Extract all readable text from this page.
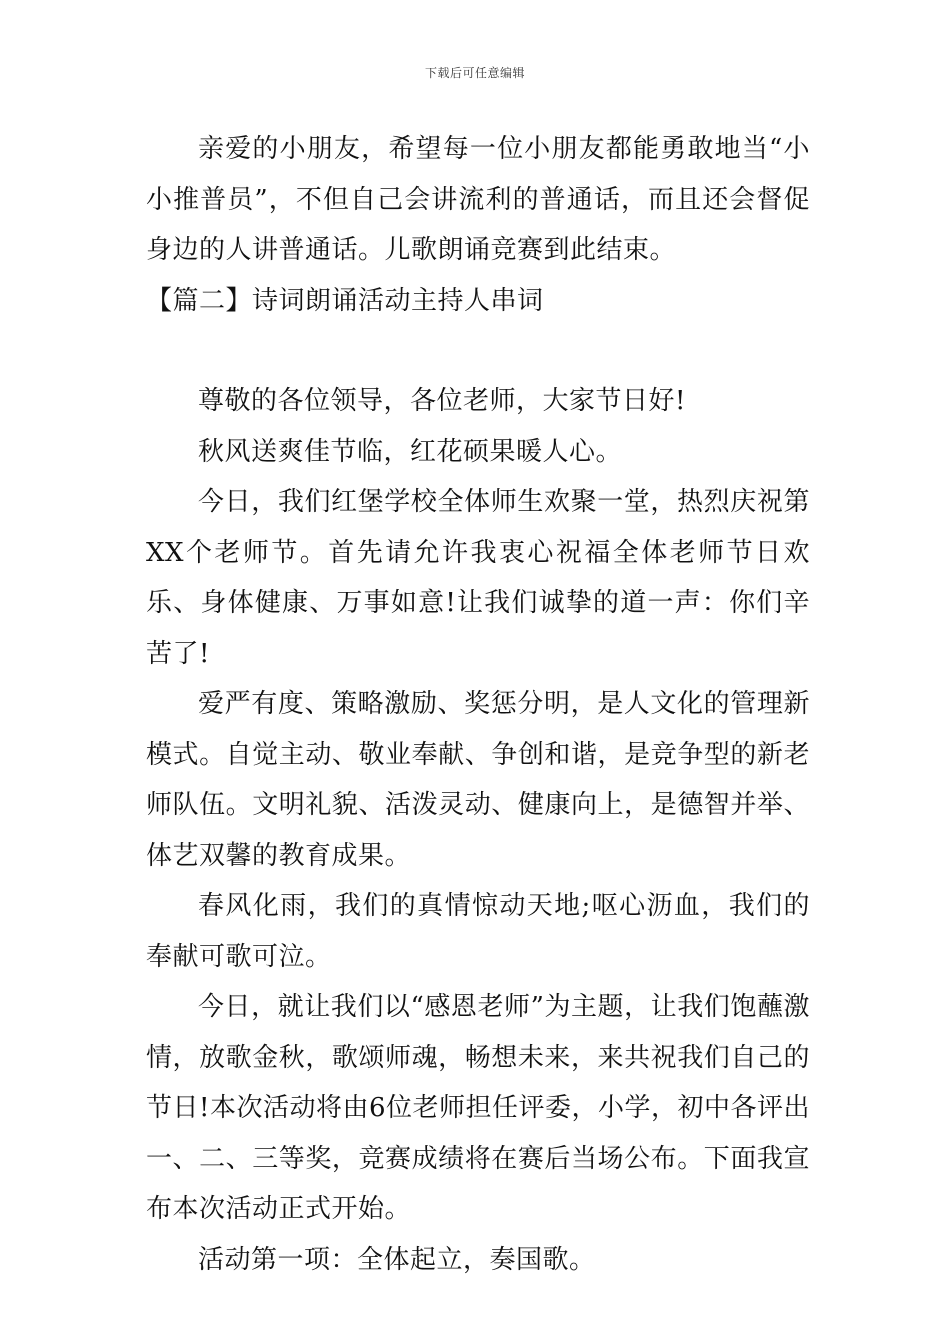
下载后可任意编辑

亲爱的小朋友，希望每一位小朋友都能勇敢地当“小小推普员”，不但自己会讲流利的普通话，而且还会督促身边的人讲普通话。儿歌朗诵竞赛到此结束。

【篇二】诗词朗诵活动主持人串词

尊敬的各位领导，各位老师，大家节日好!

秋风送爽佳节临，红花硕果暖人心。

今日，我们红堡学校全体师生欢聚一堂，热烈庆祝第XX个老师节。首先请允许我衷心祝福全体老师节日欢乐、身体健康、万事如意!让我们诚挚的道一声：你们辛苦了!

爱严有度、策略激励、奖惩分明，是人文化的管理新模式。自觉主动、敬业奉献、争创和谐，是竞争型的新老师队伍。文明礼貌、活泼灵动、健康向上，是德智并举、体艺双馨的教育成果。

春风化雨，我们的真情惊动天地;呕心沥血，我们的奉献可歌可泣。

今日，就让我们以“感恩老师”为主题，让我们饱蘸激情，放歌金秋，歌颂师魂，畅想未来，来共祝我们自己的节日!本次活动将由6位老师担任评委，小学，初中各评出一、二、三等奖，竞赛成绩将在赛后当场公布。下面我宣布本次活动正式开始。

活动第一项：全体起立，奏国歌。
